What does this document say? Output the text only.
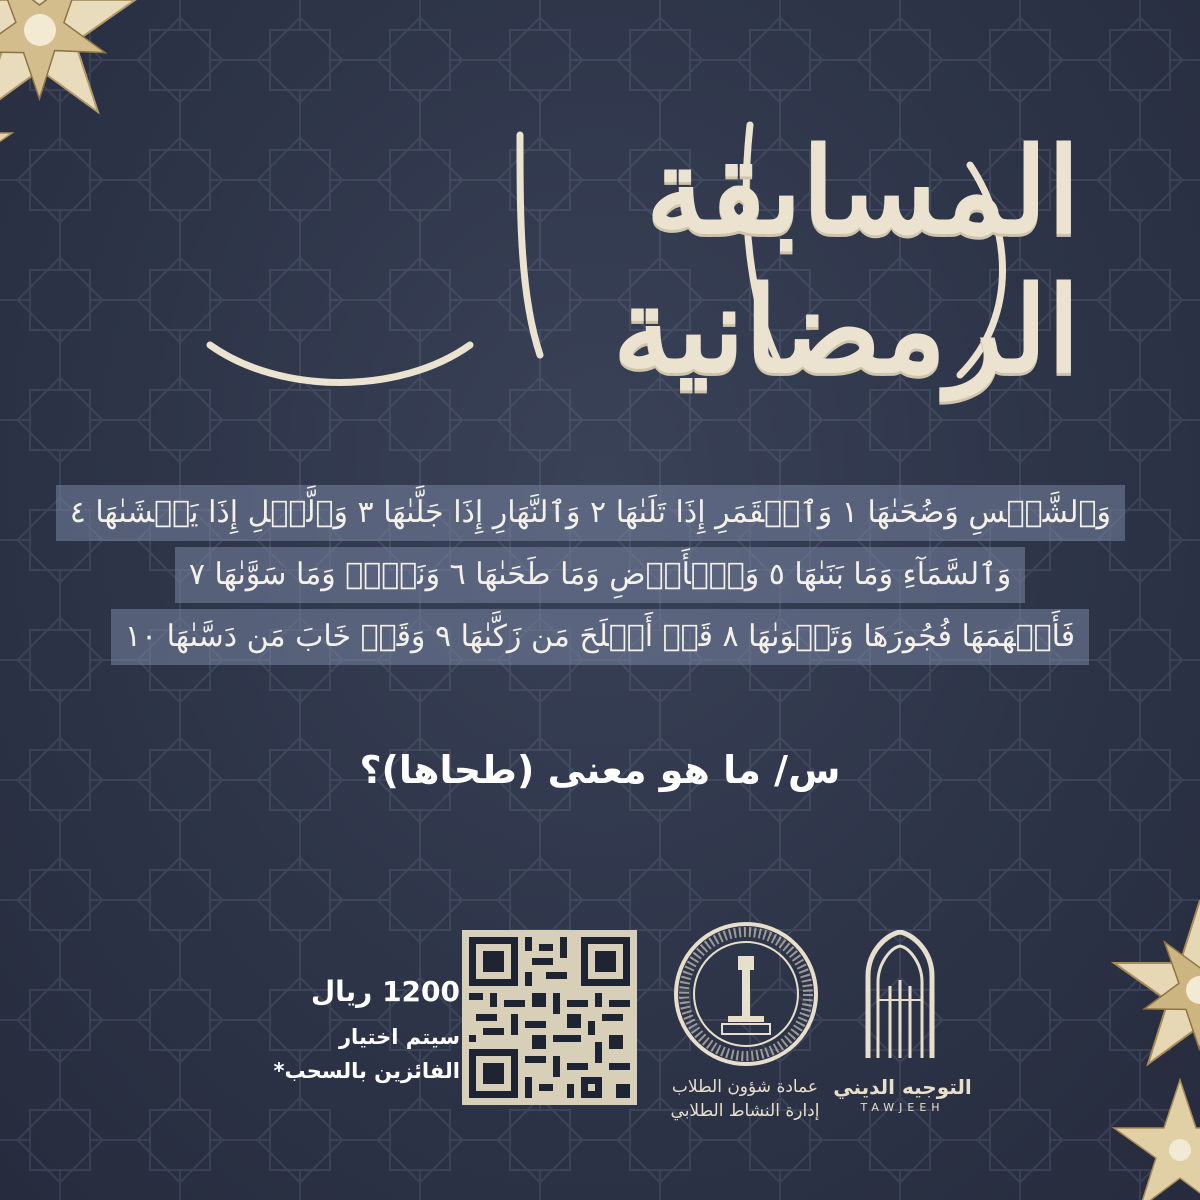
المسابقة الرمضانية
وَٱلشَّمۡسِ وَضُحَىٰهَا ١ وَٱلۡقَمَرِ إِذَا تَلَىٰهَا ٢ وَٱلنَّهَارِ إِذَا جَلَّىٰهَا ٣ وَٱلَّيۡلِ إِذَا يَغۡشَىٰهَا ٤
وَٱلسَّمَآءِ وَمَا بَنَىٰهَا ٥ وَٱلۡأَرۡضِ وَمَا طَحَىٰهَا ٦ وَنَفۡسٖ وَمَا سَوَّىٰهَا ٧
فَأَلۡهَمَهَا فُجُورَهَا وَتَقۡوَىٰهَا ٨ قَدۡ أَفۡلَحَ مَن زَكَّىٰهَا ٩ وَقَدۡ خَابَ مَن دَسَّىٰهَا ١٠
س/ ما هو معنى (طحاها)؟
1200 ريال
سيتم اختيار
الفائزين بالسحب*
عمادة شؤون الطلاب
إدارة النشاط الطلابي
التوجيه الديني
TAWJEEH
